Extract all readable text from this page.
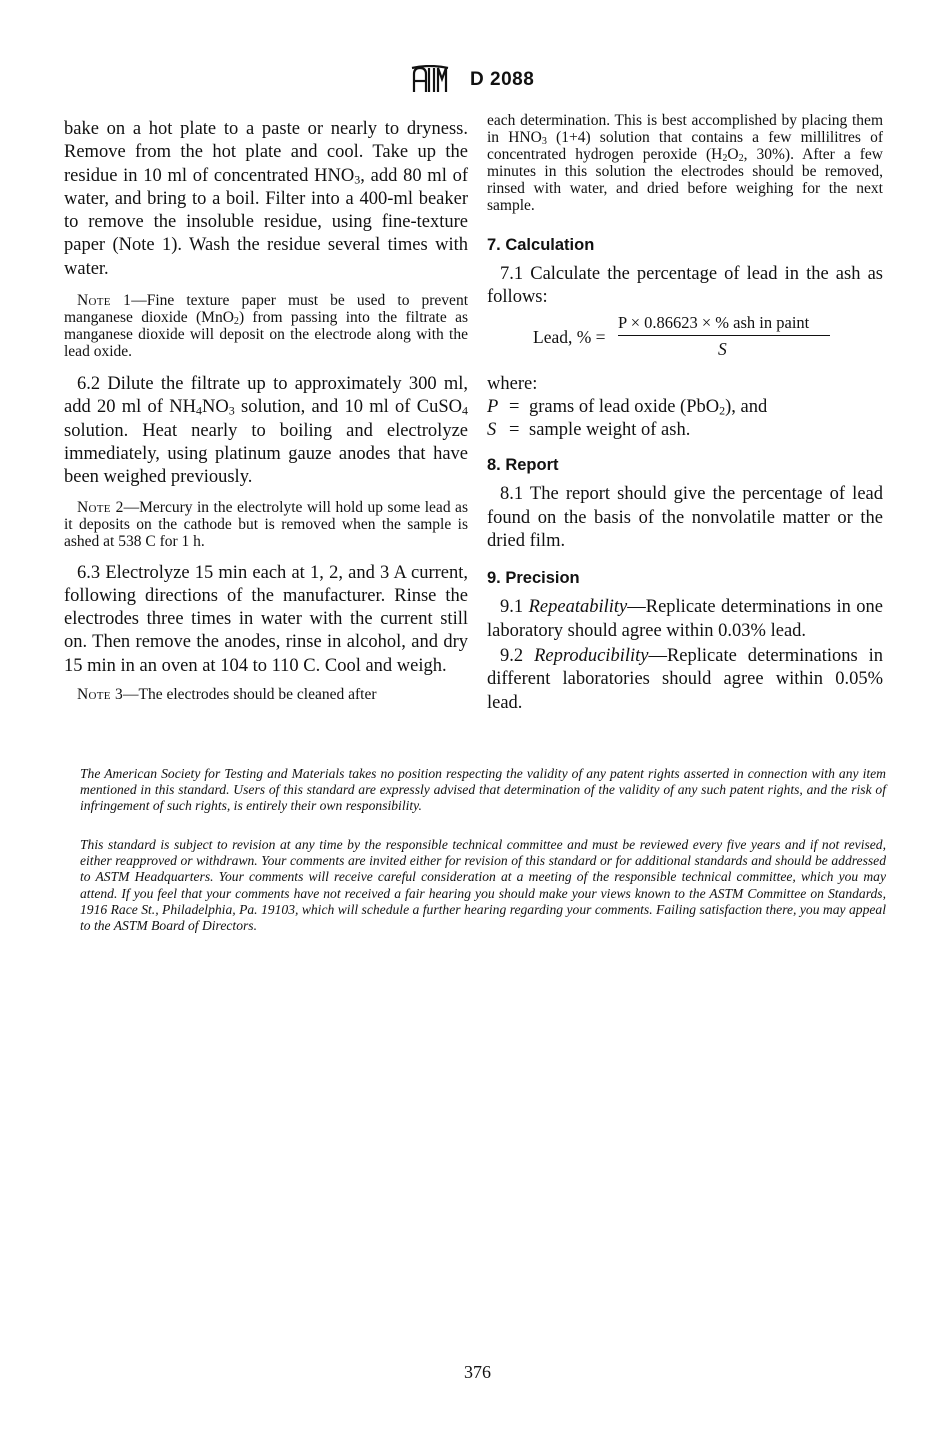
D 2088

bake on a hot plate to a paste or nearly to dryness. Remove from the hot plate and cool. Take up the residue in 10 ml of concentrated $HNO_3$, add 80 ml of water, and bring to a boil. Filter into a 400-ml beaker to remove the insoluble residue, using fine-texture paper (Note 1). Wash the residue several times with water.

Note 1—Fine texture paper must be used to prevent manganese dioxide (MnO$_2$) from passing into the filtrate as manganese dioxide will deposit on the electrode along with the lead oxide.

6.2 Dilute the filtrate up to approximately 300 ml, add 20 ml of $NH_4NO_3$ solution, and 10 ml of CuSO$_4$ solution. Heat nearly to boiling and electrolyze immediately, using platinum gauze anodes that have been weighed previously.

Note 2—Mercury in the electrolyte will hold up some lead as it deposits on the cathode but is removed when the sample is ashed at 538 C for 1 h.

6.3 Electrolyze 15 min each at 1, 2, and 3 A current, following directions of the manufacturer. Rinse the electrodes three times in water with the current still on. Then remove the anodes, rinse in alcohol, and dry 15 min in an oven at 104 to 110 C. Cool and weigh.

Note 3—The electrodes should be cleaned after

each determination. This is best accomplished by placing them in $HNO_3$ (1+4) solution that contains a few millilitres of concentrated hydrogen peroxide ($H_2O_2$, 30%). After a few minutes in this solution the electrodes should be removed, rinsed with water, and dried before weighing for the next sample.

7. Calculation

7.1 Calculate the percentage of lead in the ash as follows:

Lead, % =
P × 0.86623 × % ash in paint
S

where:

P = grams of lead oxide (PbO$_2$), and
S = sample weight of ash.
8. Report

8.1 The report should give the percentage of lead found on the basis of the nonvolatile matter or the dried film.

9. Precision

9.1 Repeatability—Replicate determinations in one laboratory should agree within 0.03% lead.

9.2 Reproducibility—Replicate determinations in different laboratories should agree within 0.05% lead.

The American Society for Testing and Materials takes no position respecting the validity of any patent rights asserted in connection with any item mentioned in this standard. Users of this standard are expressly advised that determination of the validity of any such patent rights, and the risk of infringement of such rights, is entirely their own responsibility.

This standard is subject to revision at any time by the responsible technical committee and must be reviewed every five years and if not revised, either reapproved or withdrawn. Your comments are invited either for revision of this standard or for additional standards and should be addressed to ASTM Headquarters. Your comments will receive careful consideration at a meeting of the responsible technical committee, which you may attend. If you feel that your comments have not received a fair hearing you should make your views known to the ASTM Committee on Standards, 1916 Race St., Philadelphia, Pa. 19103, which will schedule a further hearing regarding your comments. Failing satisfaction there, you may appeal to the ASTM Board of Directors.

376
